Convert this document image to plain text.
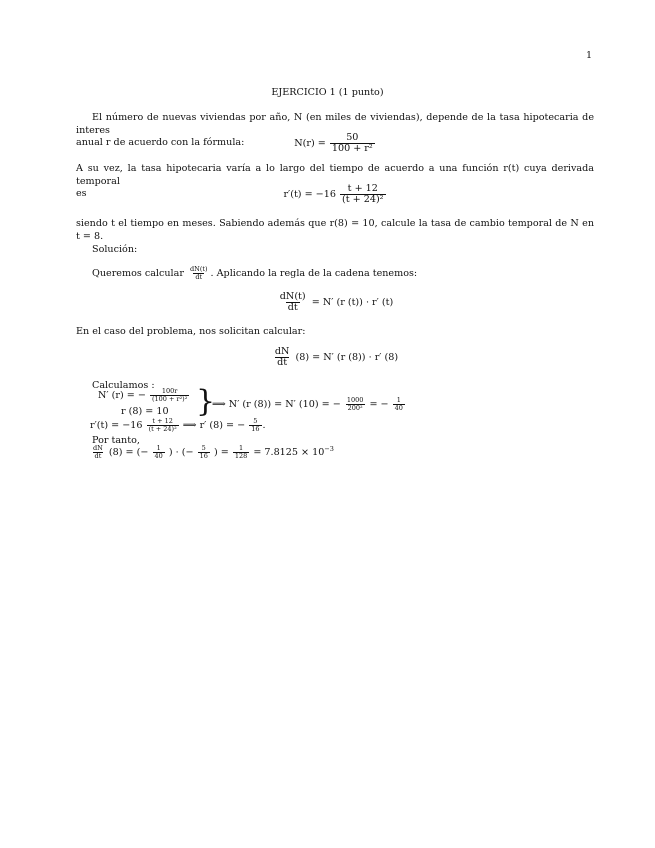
1
EJERCICIO 1 (1 punto)
El número de nuevas viviendas por año, N (en miles de viviendas), depende de la tasa hipotecaria de interes
anual r de acuerdo con la fórmula:	$N(r) = \frac{50}{\text{100 + r²}}$
A su vez, la tasa hipotecaria varía a lo largo del tiempo de acuerdo a una función r(t) cuya derivada temporal
es	$r'(t) = -16 \frac{t + 12}{\text{(t + 24)²}}$
siendo t el tiempo en meses. Sabiendo además que r(8) = 10, calcule la tasa de cambio temporal de N en t = 8.
Solución:
Queremos calcular $\frac{dN(t)}{dt}$ . Aplicando la regla de la cadena tenemos:
$\frac{dN(t)}{dt} = N'$ (r (t)) · r′ (t)
En el caso del problema, nos solicitan calcular:
$\frac{dN}{dt} (8) = N'$ (r (8)) · r′ (8)
Calculamos :
N′ (r) = − $\frac{100r}{\text{(100 + r²)²}}$
r (8) = 10 }
⟹ N′ (r (8)) = N′ (10) = − $\frac{1000}{\text{200²}}$ = − $\frac{1}{40}$
$r'(t) = -16 \frac{t + 12}{\text{(t + 24)²}}$ ⟹ r′ (8) = − $\frac{5}{16}$ .
Por tanto,
$\frac{dN}{dt} (8)$ = (− $\frac{1}{40}$ ) · (− $\frac{5}{16}$ ) = $\frac{1}{128} = 7.8125 \times 10^{-3}$
